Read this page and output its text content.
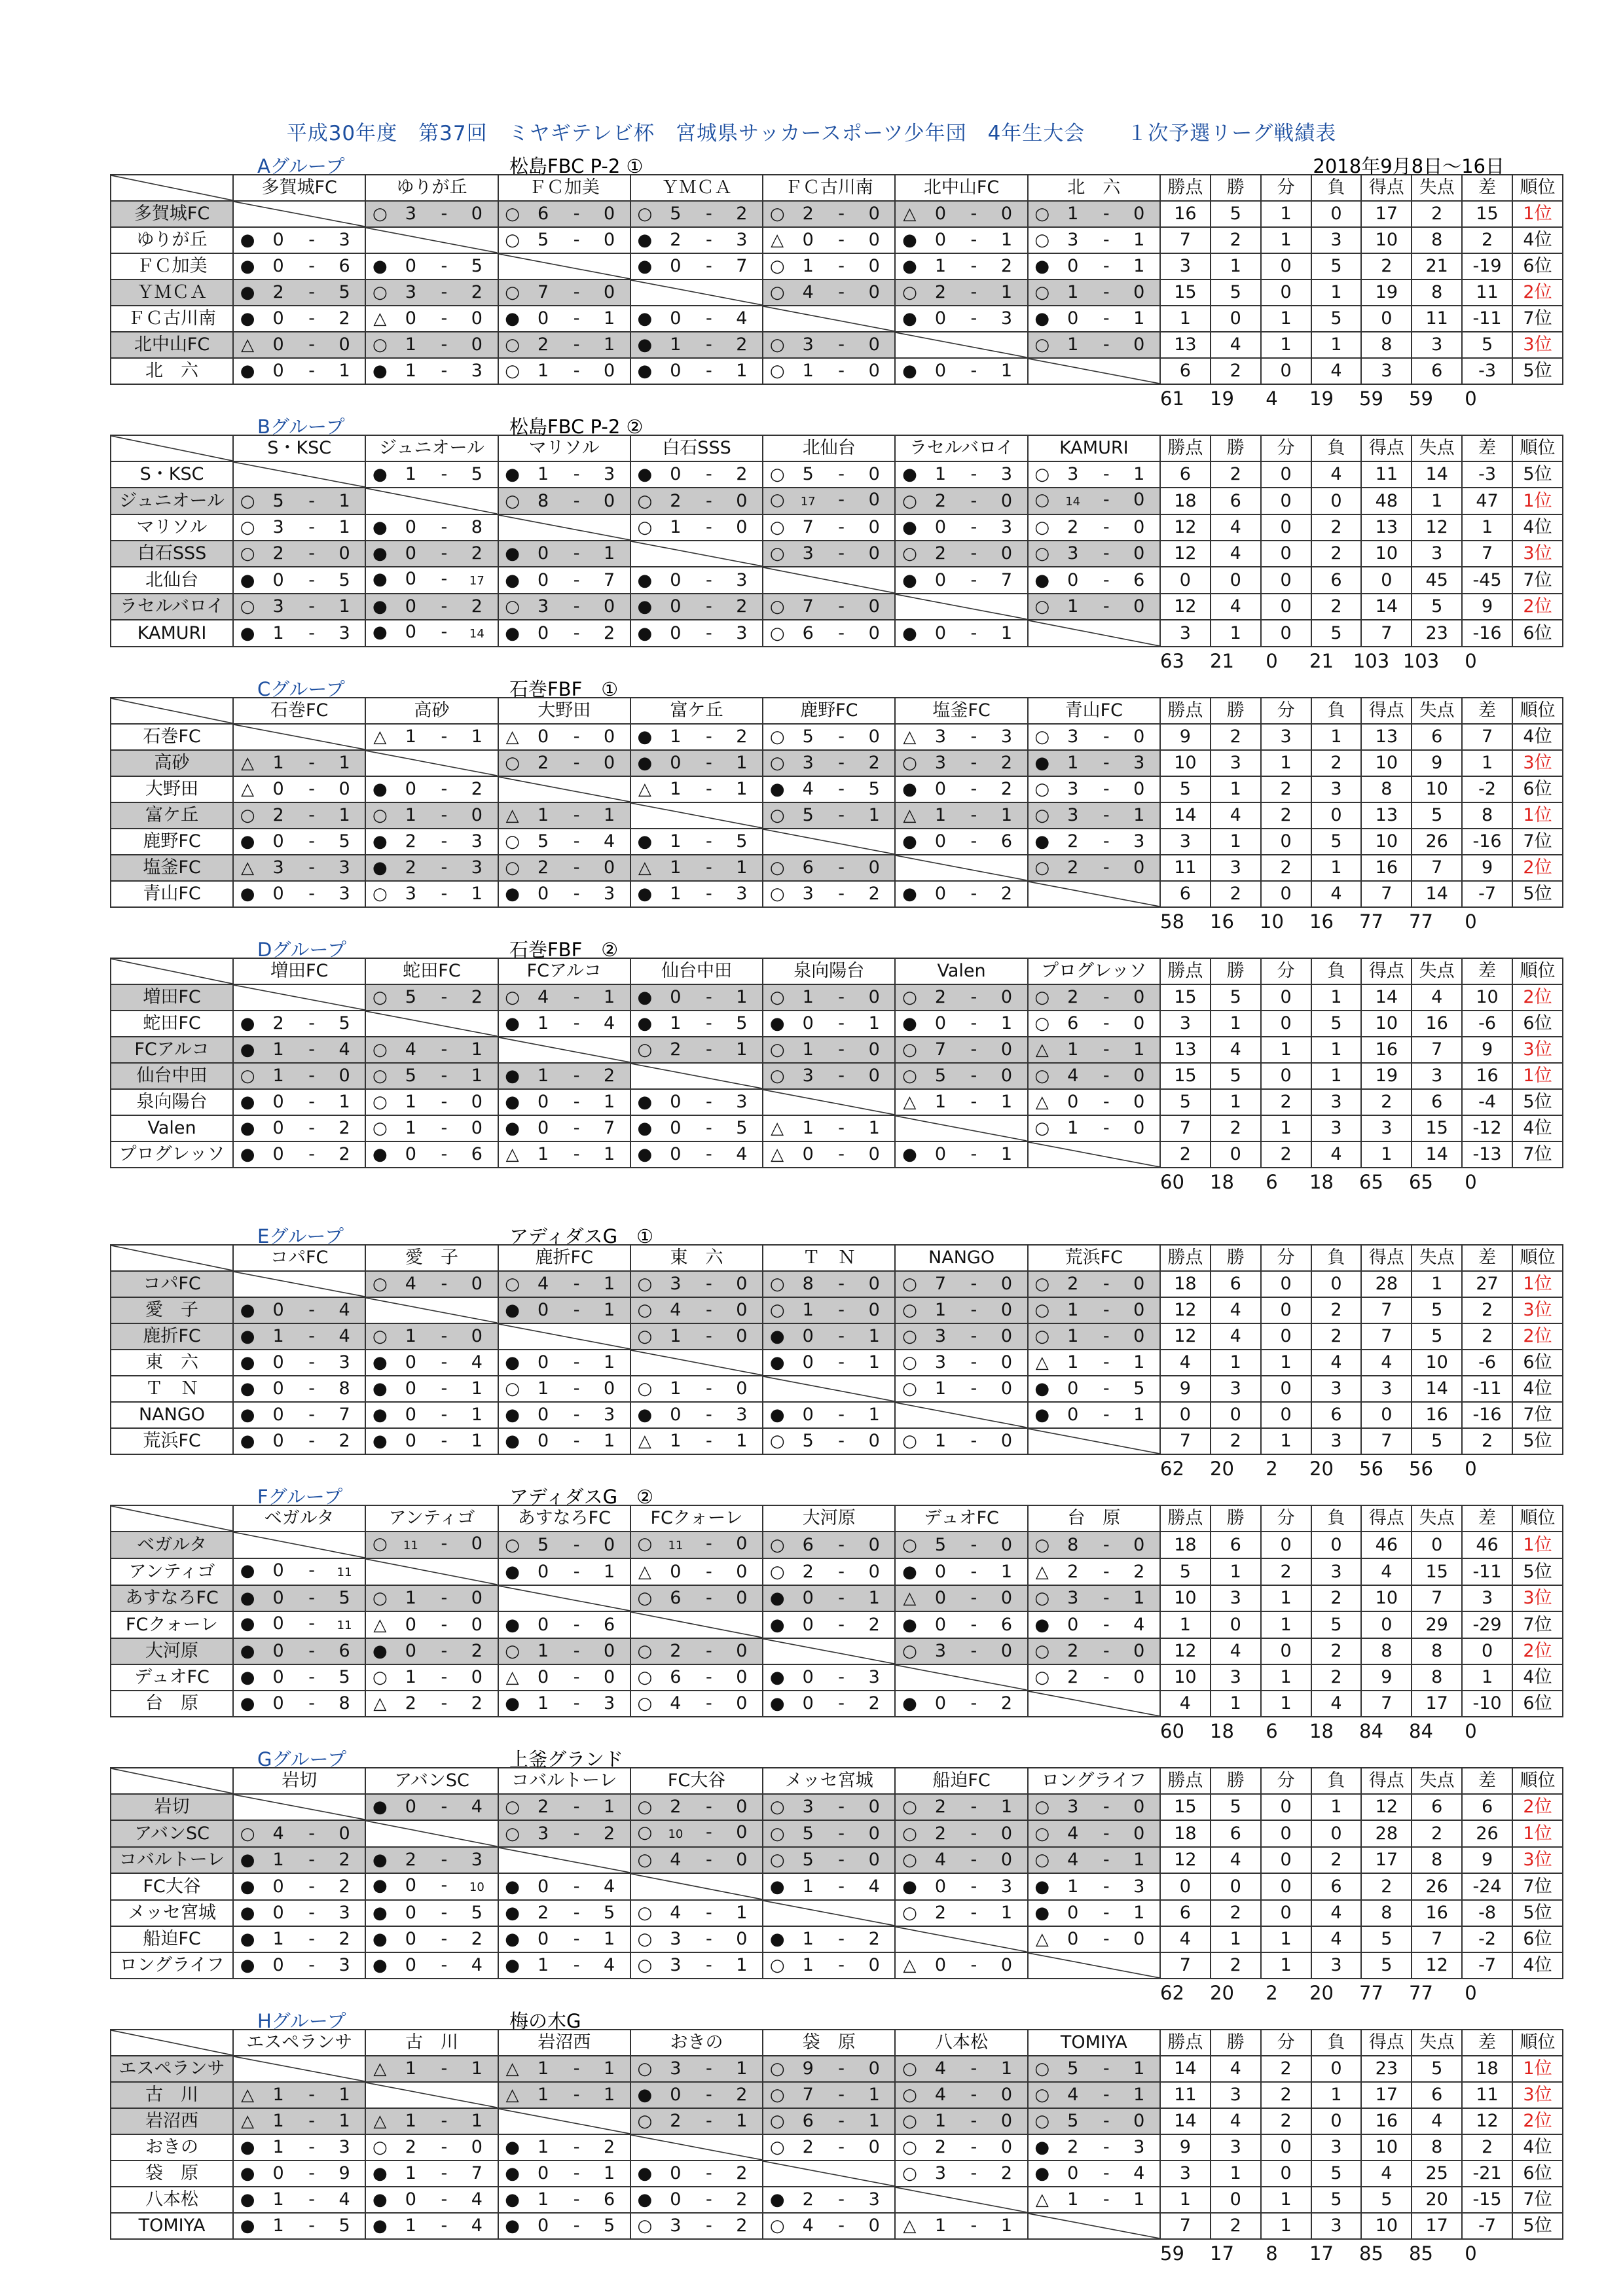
平成30年度　第37回　ミヤギテレビ杯　宮城県サッカースポーツ少年団　4年生大会　　１次予選リーグ戦績表
Aグループ	松島FBC P-2 ①	2018年9月8日～16日
	多賀城FC	ゆりが丘	ＦＣ加美	ＹＭＣＡ	ＦＣ古川南	北中山FC	北　六	勝点	勝	分	負	得点	失点	差	順位
多賀城FC		○ 3 - 0	○ 6 - 0	○ 5 - 2	○ 2 - 0	△ 0 - 0	○ 1 - 0	16	5	1	0	17	2	15	1位
ゆりが丘	● 0 - 3		○ 5 - 0	● 2 - 3	△ 0 - 0	● 0 - 1	○ 3 - 1	7	2	1	3	10	8	2	4位
ＦＣ加美	● 0 - 6	● 0 - 5		● 0 - 7	○ 1 - 0	● 1 - 2	● 0 - 1	3	1	0	5	2	21	-19	6位
ＹＭＣＡ	● 2 - 5	○ 3 - 2	○ 7 - 0		○ 4 - 0	○ 2 - 1	○ 1 - 0	15	5	0	1	19	8	11	2位
ＦＣ古川南	● 0 - 2	△ 0 - 0	● 0 - 1	● 0 - 4		● 0 - 3	● 0 - 1	1	0	1	5	0	11	-11	7位
北中山FC	△ 0 - 0	○ 1 - 0	○ 2 - 1	● 1 - 2	○ 3 - 0		○ 1 - 0	13	4	1	1	8	3	5	3位
北　六	● 0 - 1	● 1 - 3	○ 1 - 0	● 0 - 1	○ 1 - 0	● 0 - 1		6	2	0	4	3	6	-3	5位
61	19	4	19	59	59	0
Bグループ	松島FBC P-2 ②
	S・KSC	ジュニオール	マリソル	白石SSS	北仙台	ラセルバロイ	KAMURI	勝点	勝	分	負	得点	失点	差	順位
S・KSC		● 1 - 5	● 1 - 3	● 0 - 2	○ 5 - 0	● 1 - 3	○ 3 - 1	6	2	0	4	11	14	-3	5位
ジュニオール	○ 5 - 1		○ 8 - 0	○ 2 - 0	○ 17 - 0	○ 2 - 0	○ 14 - 0	18	6	0	0	48	1	47	1位
マリソル	○ 3 - 1	● 0 - 8		○ 1 - 0	○ 7 - 0	● 0 - 3	○ 2 - 0	12	4	0	2	13	12	1	4位
白石SSS	○ 2 - 0	● 0 - 2	● 0 - 1		○ 3 - 0	○ 2 - 0	○ 3 - 0	12	4	0	2	10	3	7	3位
北仙台	● 0 - 5	● 0 - 17	● 0 - 7	● 0 - 3		● 0 - 7	● 0 - 6	0	0	0	6	0	45	-45	7位
ラセルバロイ	○ 3 - 1	● 0 - 2	○ 3 - 0	● 0 - 2	○ 7 - 0		○ 1 - 0	12	4	0	2	14	5	9	2位
KAMURI	● 1 - 3	● 0 - 14	● 0 - 2	● 0 - 3	○ 6 - 0	● 0 - 1		3	1	0	5	7	23	-16	6位
63	21	0	21	103 103	0
Cグループ	石巻FBF　①
	石巻FC	高砂	大野田	富ケ丘	鹿野FC	塩釜FC	青山FC	勝点	勝	分	負	得点	失点	差	順位
石巻FC		△ 1 - 1	△ 0 - 0	● 1 - 2	○ 5 - 0	△ 3 - 3	○ 3 - 0	9	2	3	1	13	6	7	4位
高砂	△ 1 - 1		○ 2 - 0	● 0 - 1	○ 3 - 2	○ 3 - 2	● 1 - 3	10	3	1	2	10	9	1	3位
大野田	△ 0 - 0	● 0 - 2		△ 1 - 1	● 4 - 5	● 0 - 2	○ 3 - 0	5	1	2	3	8	10	-2	6位
富ケ丘	○ 2 - 1	○ 1 - 0	△ 1 - 1		○ 5 - 1	△ 1 - 1	○ 3 - 1	14	4	2	0	13	5	8	1位
鹿野FC	● 0 - 5	● 2 - 3	○ 5 - 4	● 1 - 5		● 0 - 6	● 2 - 3	3	1	0	5	10	26	-16	7位
塩釜FC	△ 3 - 3	● 2 - 3	○ 2 - 0	△ 1 - 1	○ 6 - 0		○ 2 - 0	11	3	2	1	16	7	9	2位
青山FC	● 0 - 3	○ 3 - 1	● 0 - 3	● 1 - 3	○ 3 - 2	● 0 - 2		6	2	0	4	7	14	-7	5位
58	16	10	16	77	77	0
Dグループ	石巻FBF　②
	増田FC	蛇田FC	FCアルコ	仙台中田	泉向陽台	Valen	プログレッソ	勝点	勝	分	負	得点	失点	差	順位
増田FC		○ 5 - 2	○ 4 - 1	● 0 - 1	○ 1 - 0	○ 2 - 0	○ 2 - 0	15	5	0	1	14	4	10	2位
蛇田FC	● 2 - 5		● 1 - 4	● 1 - 5	● 0 - 1	● 0 - 1	○ 6 - 0	3	1	0	5	10	16	-6	6位
FCアルコ	● 1 - 4	○ 4 - 1		○ 2 - 1	○ 1 - 0	○ 7 - 0	△ 1 - 1	13	4	1	1	16	7	9	3位
仙台中田	○ 1 - 0	○ 5 - 1	● 1 - 2		○ 3 - 0	○ 5 - 0	○ 4 - 0	15	5	0	1	19	3	16	1位
泉向陽台	● 0 - 1	○ 1 - 0	● 0 - 1	● 0 - 3		△ 1 - 1	△ 0 - 0	5	1	2	3	2	6	-4	5位
Valen	● 0 - 2	○ 1 - 0	● 0 - 7	● 0 - 5	△ 1 - 1		○ 1 - 0	7	2	1	3	3	15	-12	4位
プログレッソ	● 0 - 2	● 0 - 6	△ 1 - 1	● 0 - 4	△ 0 - 0	● 0 - 1		2	0	2	4	1	14	-13	7位
60	18	6	18	65	65	0
Eグループ	アディダスG　①
	コパFC	愛　子	鹿折FC	東　六	Ｔ　Ｎ	NANGO	荒浜FC	勝点	勝	分	負	得点	失点	差	順位
コパFC		○ 4 - 0	○ 4 - 1	○ 3 - 0	○ 8 - 0	○ 7 - 0	○ 2 - 0	18	6	0	0	28	1	27	1位
愛　子	● 0 - 4		● 0 - 1	○ 4 - 0	○ 1 - 0	○ 1 - 0	○ 1 - 0	12	4	0	2	7	5	2	3位
鹿折FC	● 1 - 4	○ 1 - 0		○ 1 - 0	● 0 - 1	○ 3 - 0	○ 1 - 0	12	4	0	2	7	5	2	2位
東　六	● 0 - 3	● 0 - 4	● 0 - 1		● 0 - 1	○ 3 - 0	△ 1 - 1	4	1	1	4	4	10	-6	6位
Ｔ　Ｎ	● 0 - 8	● 0 - 1	○ 1 - 0	○ 1 - 0		○ 1 - 0	● 0 - 5	9	3	0	3	3	14	-11	4位
NANGO	● 0 - 7	● 0 - 1	● 0 - 3	● 0 - 3	● 0 - 1		● 0 - 1	0	0	0	6	0	16	-16	7位
荒浜FC	● 0 - 2	● 0 - 1	● 0 - 1	△ 1 - 1	○ 5 - 0	○ 1 - 0		7	2	1	3	7	5	2	5位
62	20	2	20	56	56	0
Fグループ	アディダスG　②
	ベガルタ	アンティゴ	あすなろFC	FCクォーレ	大河原	デュオFC	台　原	勝点	勝	分	負	得点	失点	差	順位
ベガルタ		○ 11 - 0	○ 5 - 0	○ 11 - 0	○ 6 - 0	○ 5 - 0	○ 8 - 0	18	6	0	0	46	0	46	1位
アンティゴ	● 0 - 11		● 0 - 1	△ 0 - 0	○ 2 - 0	● 0 - 1	△ 2 - 2	5	1	2	3	4	15	-11	5位
あすなろFC	● 0 - 5	○ 1 - 0		○ 6 - 0	● 0 - 1	△ 0 - 0	○ 3 - 1	10	3	1	2	10	7	3	3位
FCクォーレ	● 0 - 11	△ 0 - 0	● 0 - 6		● 0 - 2	● 0 - 6	● 0 - 4	1	0	1	5	0	29	-29	7位
大河原	● 0 - 6	● 0 - 2	○ 1 - 0	○ 2 - 0		○ 3 - 0	○ 2 - 0	12	4	0	2	8	8	0	2位
デュオFC	● 0 - 5	○ 1 - 0	△ 0 - 0	○ 6 - 0	● 0 - 3		○ 2 - 0	10	3	1	2	9	8	1	4位
台　原	● 0 - 8	△ 2 - 2	● 1 - 3	○ 4 - 0	● 0 - 2	● 0 - 2		4	1	1	4	7	17	-10	6位
60	18	6	18	84	84	0
Gグループ	上釜グランド
	岩切	アバンSC	コバルトーレ	FC大谷	メッセ宮城	船迫FC	ロングライフ	勝点	勝	分	負	得点	失点	差	順位
岩切		● 0 - 4	○ 2 - 1	○ 2 - 0	○ 3 - 0	○ 2 - 1	○ 3 - 0	15	5	0	1	12	6	6	2位
アバンSC	○ 4 - 0		○ 3 - 2	○ 10 - 0	○ 5 - 0	○ 2 - 0	○ 4 - 0	18	6	0	0	28	2	26	1位
コバルトーレ	● 1 - 2	● 2 - 3		○ 4 - 0	○ 5 - 0	○ 4 - 0	○ 4 - 1	12	4	0	2	17	8	9	3位
FC大谷	● 0 - 2	● 0 - 10	● 0 - 4		● 1 - 4	● 0 - 3	● 1 - 3	0	0	0	6	2	26	-24	7位
メッセ宮城	● 0 - 3	● 0 - 5	● 2 - 5	○ 4 - 1		○ 2 - 1	● 0 - 1	6	2	0	4	8	16	-8	5位
船迫FC	● 1 - 2	● 0 - 2	● 0 - 1	○ 3 - 0	● 1 - 2		△ 0 - 0	4	1	1	4	5	7	-2	6位
ロングライフ	● 0 - 3	● 0 - 4	● 1 - 4	○ 3 - 1	○ 1 - 0	△ 0 - 0		7	2	1	3	5	12	-7	4位
62	20	2	20	77	77	0
Hグループ	梅の木G
	エスペランサ	古　川	岩沼西	おきの	袋　原	八本松	TOMIYA	勝点	勝	分	負	得点	失点	差	順位
エスペランサ		△ 1 - 1	△ 1 - 1	○ 3 - 1	○ 9 - 0	○ 4 - 1	○ 5 - 1	14	4	2	0	23	5	18	1位
古　川	△ 1 - 1		△ 1 - 1	● 0 - 2	○ 7 - 1	○ 4 - 0	○ 4 - 1	11	3	2	1	17	6	11	3位
岩沼西	△ 1 - 1	△ 1 - 1		○ 2 - 1	○ 6 - 1	○ 1 - 0	○ 5 - 0	14	4	2	0	16	4	12	2位
おきの	● 1 - 3	○ 2 - 0	● 1 - 2		○ 2 - 0	○ 2 - 0	● 2 - 3	9	3	0	3	10	8	2	4位
袋　原	● 0 - 9	● 1 - 7	● 0 - 1	● 0 - 2		○ 3 - 2	● 0 - 4	3	1	0	5	4	25	-21	6位
八本松	● 1 - 4	● 0 - 4	● 1 - 6	● 0 - 2	● 2 - 3		△ 1 - 1	1	0	1	5	5	20	-15	7位
TOMIYA	● 1 - 5	● 1 - 4	● 0 - 5	○ 3 - 2	○ 4 - 0	△ 1 - 1		7	2	1	3	10	17	-7	5位
59	17	8	17	85	85	0
